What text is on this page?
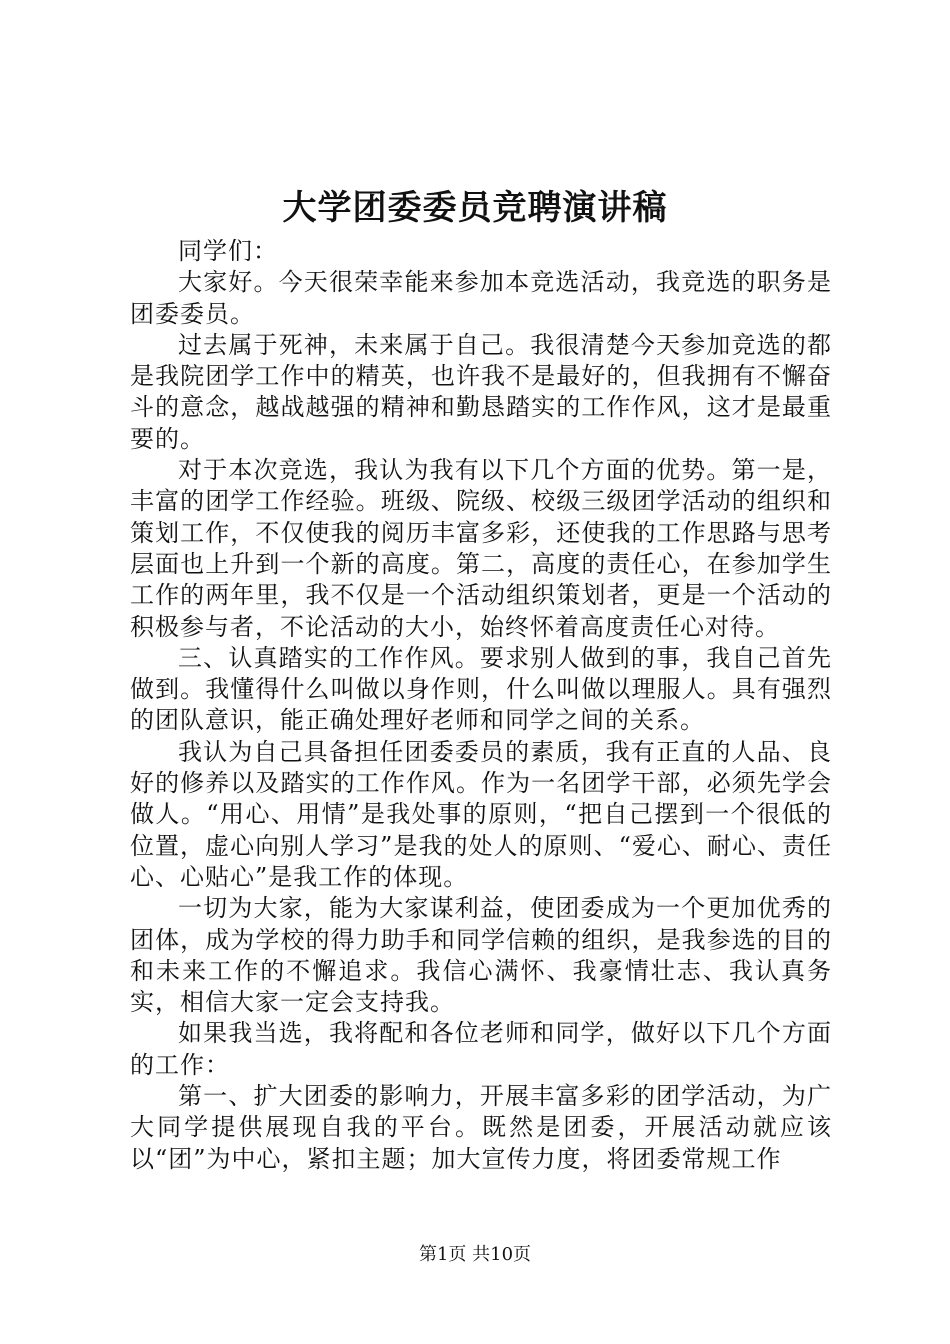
大学团委委员竞聘演讲稿

同学们：

大家好。今天很荣幸能来参加本竞选活动，我竞选的职务是团委委员。

过去属于死神，未来属于自己。我很清楚今天参加竞选的都是我院团学工作中的精英，也许我不是最好的，但我拥有不懈奋斗的意念，越战越强的精神和勤恳踏实的工作作风，这才是最重要的。

对于本次竞选，我认为我有以下几个方面的优势。第一是，丰富的团学工作经验。班级、院级、校级三级团学活动的组织和策划工作，不仅使我的阅历丰富多彩，还使我的工作思路与思考层面也上升到一个新的高度。第二，高度的责任心，在参加学生工作的两年里，我不仅是一个活动组织策划者，更是一个活动的积极参与者，不论活动的大小，始终怀着高度责任心对待。

三、认真踏实的工作作风。要求别人做到的事，我自己首先做到。我懂得什么叫做以身作则，什么叫做以理服人。具有强烈的团队意识，能正确处理好老师和同学之间的关系。

我认为自己具备担任团委委员的素质，我有正直的人品、良好的修养以及踏实的工作作风。作为一名团学干部，必须先学会做人。“用心、用情”是我处事的原则，“把自己摆到一个很低的位置，虚心向别人学习”是我的处人的原则、“爱心、耐心、责任心、心贴心”是我工作的体现。

一切为大家，能为大家谋利益，使团委成为一个更加优秀的团体，成为学校的得力助手和同学信赖的组织，是我参选的目的和未来工作的不懈追求。我信心满怀、我豪情壮志、我认真务实，相信大家一定会支持我。

如果我当选，我将配和各位老师和同学，做好以下几个方面的工作：

第一、扩大团委的影响力，开展丰富多彩的团学活动，为广大同学提供展现自我的平台。既然是团委，开展活动就应该以“团”为中心，紧扣主题；加大宣传力度，将团委常规工作

第1页 共10页
